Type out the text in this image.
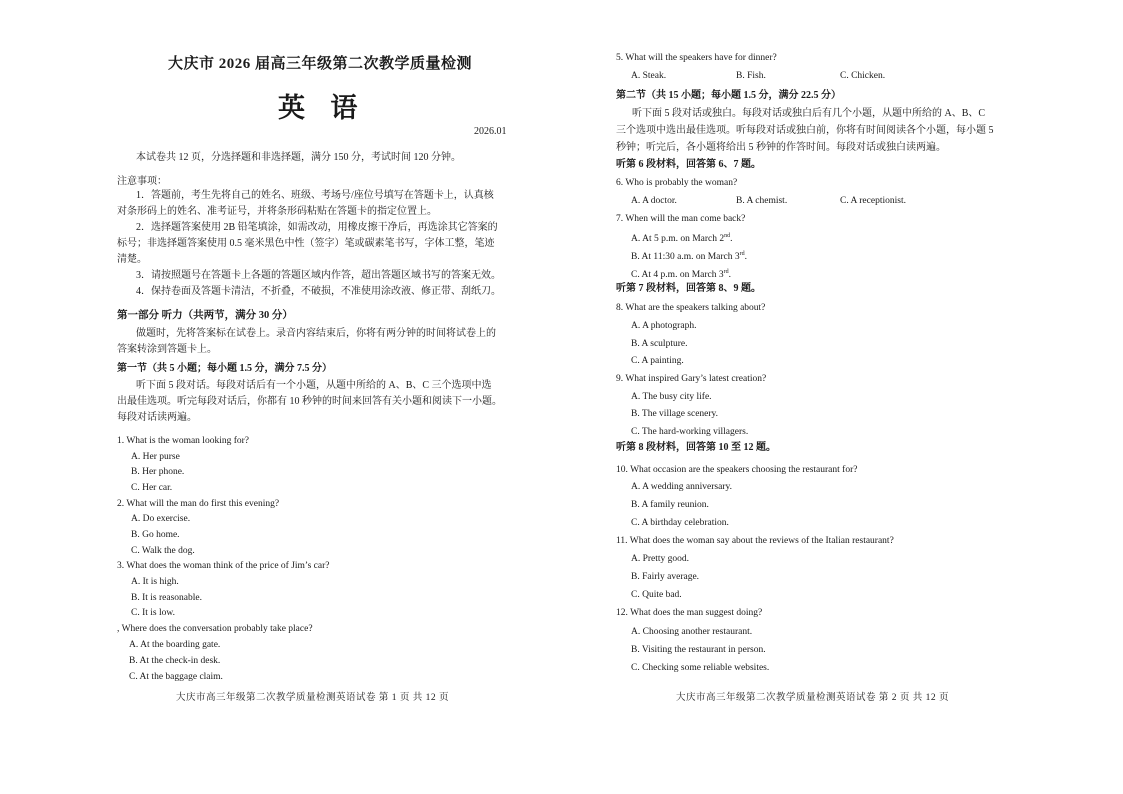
大庆市 2026 届高三年级第二次教学质量检测
英 语
2026.01
本试卷共 12 页，分选择题和非选择题，满分 150 分，考试时间 120 分钟。
注意事项：
1．答题前，考生先将自己的姓名、班级、考场号/座位号填写在答题卡上，认真核
对条形码上的姓名、准考证号，并将条形码粘贴在答题卡的指定位置上。
2．选择题答案使用 2B 铅笔填涂，如需改动，用橡皮擦干净后，再选涂其它答案的
标号；非选择题答案使用 0.5 毫米黑色中性（签字）笔或碳素笔书写，字体工整，笔迹
清楚。
3．请按照题号在答题卡上各题的答题区域内作答，超出答题区域书写的答案无效。
4．保持卷面及答题卡清洁，不折叠，不破损，不准使用涂改液、修正带、刮纸刀。
第一部分 听力（共两节，满分 30 分）
做题时，先将答案标在试卷上。录音内容结束后，你将有两分钟的时间将试卷上的
答案转涂到答题卡上。
第一节（共 5 小题；每小题 1.5 分，满分 7.5 分）
听下面 5 段对话。每段对话后有一个小题，从题中所给的 A、B、C 三个选项中选
出最佳选项。听完每段对话后，你都有 10 秒钟的时间来回答有关小题和阅读下一小题。
每段对话读两遍。
1. What is the woman looking for?
A. Her purse
B. Her phone.
C. Her car.
2. What will the man do first this evening?
A. Do exercise.
B. Go home.
C. Walk the dog.
3. What does the woman think of the price of Jim’s car?
A. It is high.
B. It is reasonable.
C. It is low.
, Where does the conversation probably take place?
A. At the boarding gate.
B. At the check-in desk.
C. At the baggage claim.
大庆市高三年级第二次教学质量检测英语试卷 第 1 页 共 12 页
5. What will the speakers have for dinner?
A. Steak.	B. Fish.	C. Chicken.
第二节（共 15 小题；每小题 1.5 分，满分 22.5 分）
听下面 5 段对话或独白。每段对话或独白后有几个小题，从题中所给的 A、B、C
三个选项中选出最佳选项。听每段对话或独白前，你将有时间阅读各个小题，每小题 5
秒钟；听完后，各小题将给出 5 秒钟的作答时间。每段对话或独白读两遍。
听第 6 段材料，回答第 6、7 题。
6. Who is probably the woman?
A. A doctor.	B. A chemist.	C. A receptionist.
7. When will the man come back?
A. At 5 p.m. on March 2nd.
B. At 11:30 a.m. on March 3rd.
C. At 4 p.m. on March 3rd.
听第 7 段材料，回答第 8、9 题。
8. What are the speakers talking about?
A. A photograph.
B. A sculpture.
C. A painting.
9. What inspired Gary’s latest creation?
A. The busy city life.
B. The village scenery.
C. The hard-working villagers.
听第 8 段材料，回答第 10 至 12 题。
10. What occasion are the speakers choosing the restaurant for?
A. A wedding anniversary.
B. A family reunion.
C. A birthday celebration.
11. What does the woman say about the reviews of the Italian restaurant?
A. Pretty good.
B. Fairly average.
C. Quite bad.
12. What does the man suggest doing?
A. Choosing another restaurant.
B. Visiting the restaurant in person.
C. Checking some reliable websites.
大庆市高三年级第二次教学质量检测英语试卷 第 2 页 共 12 页
